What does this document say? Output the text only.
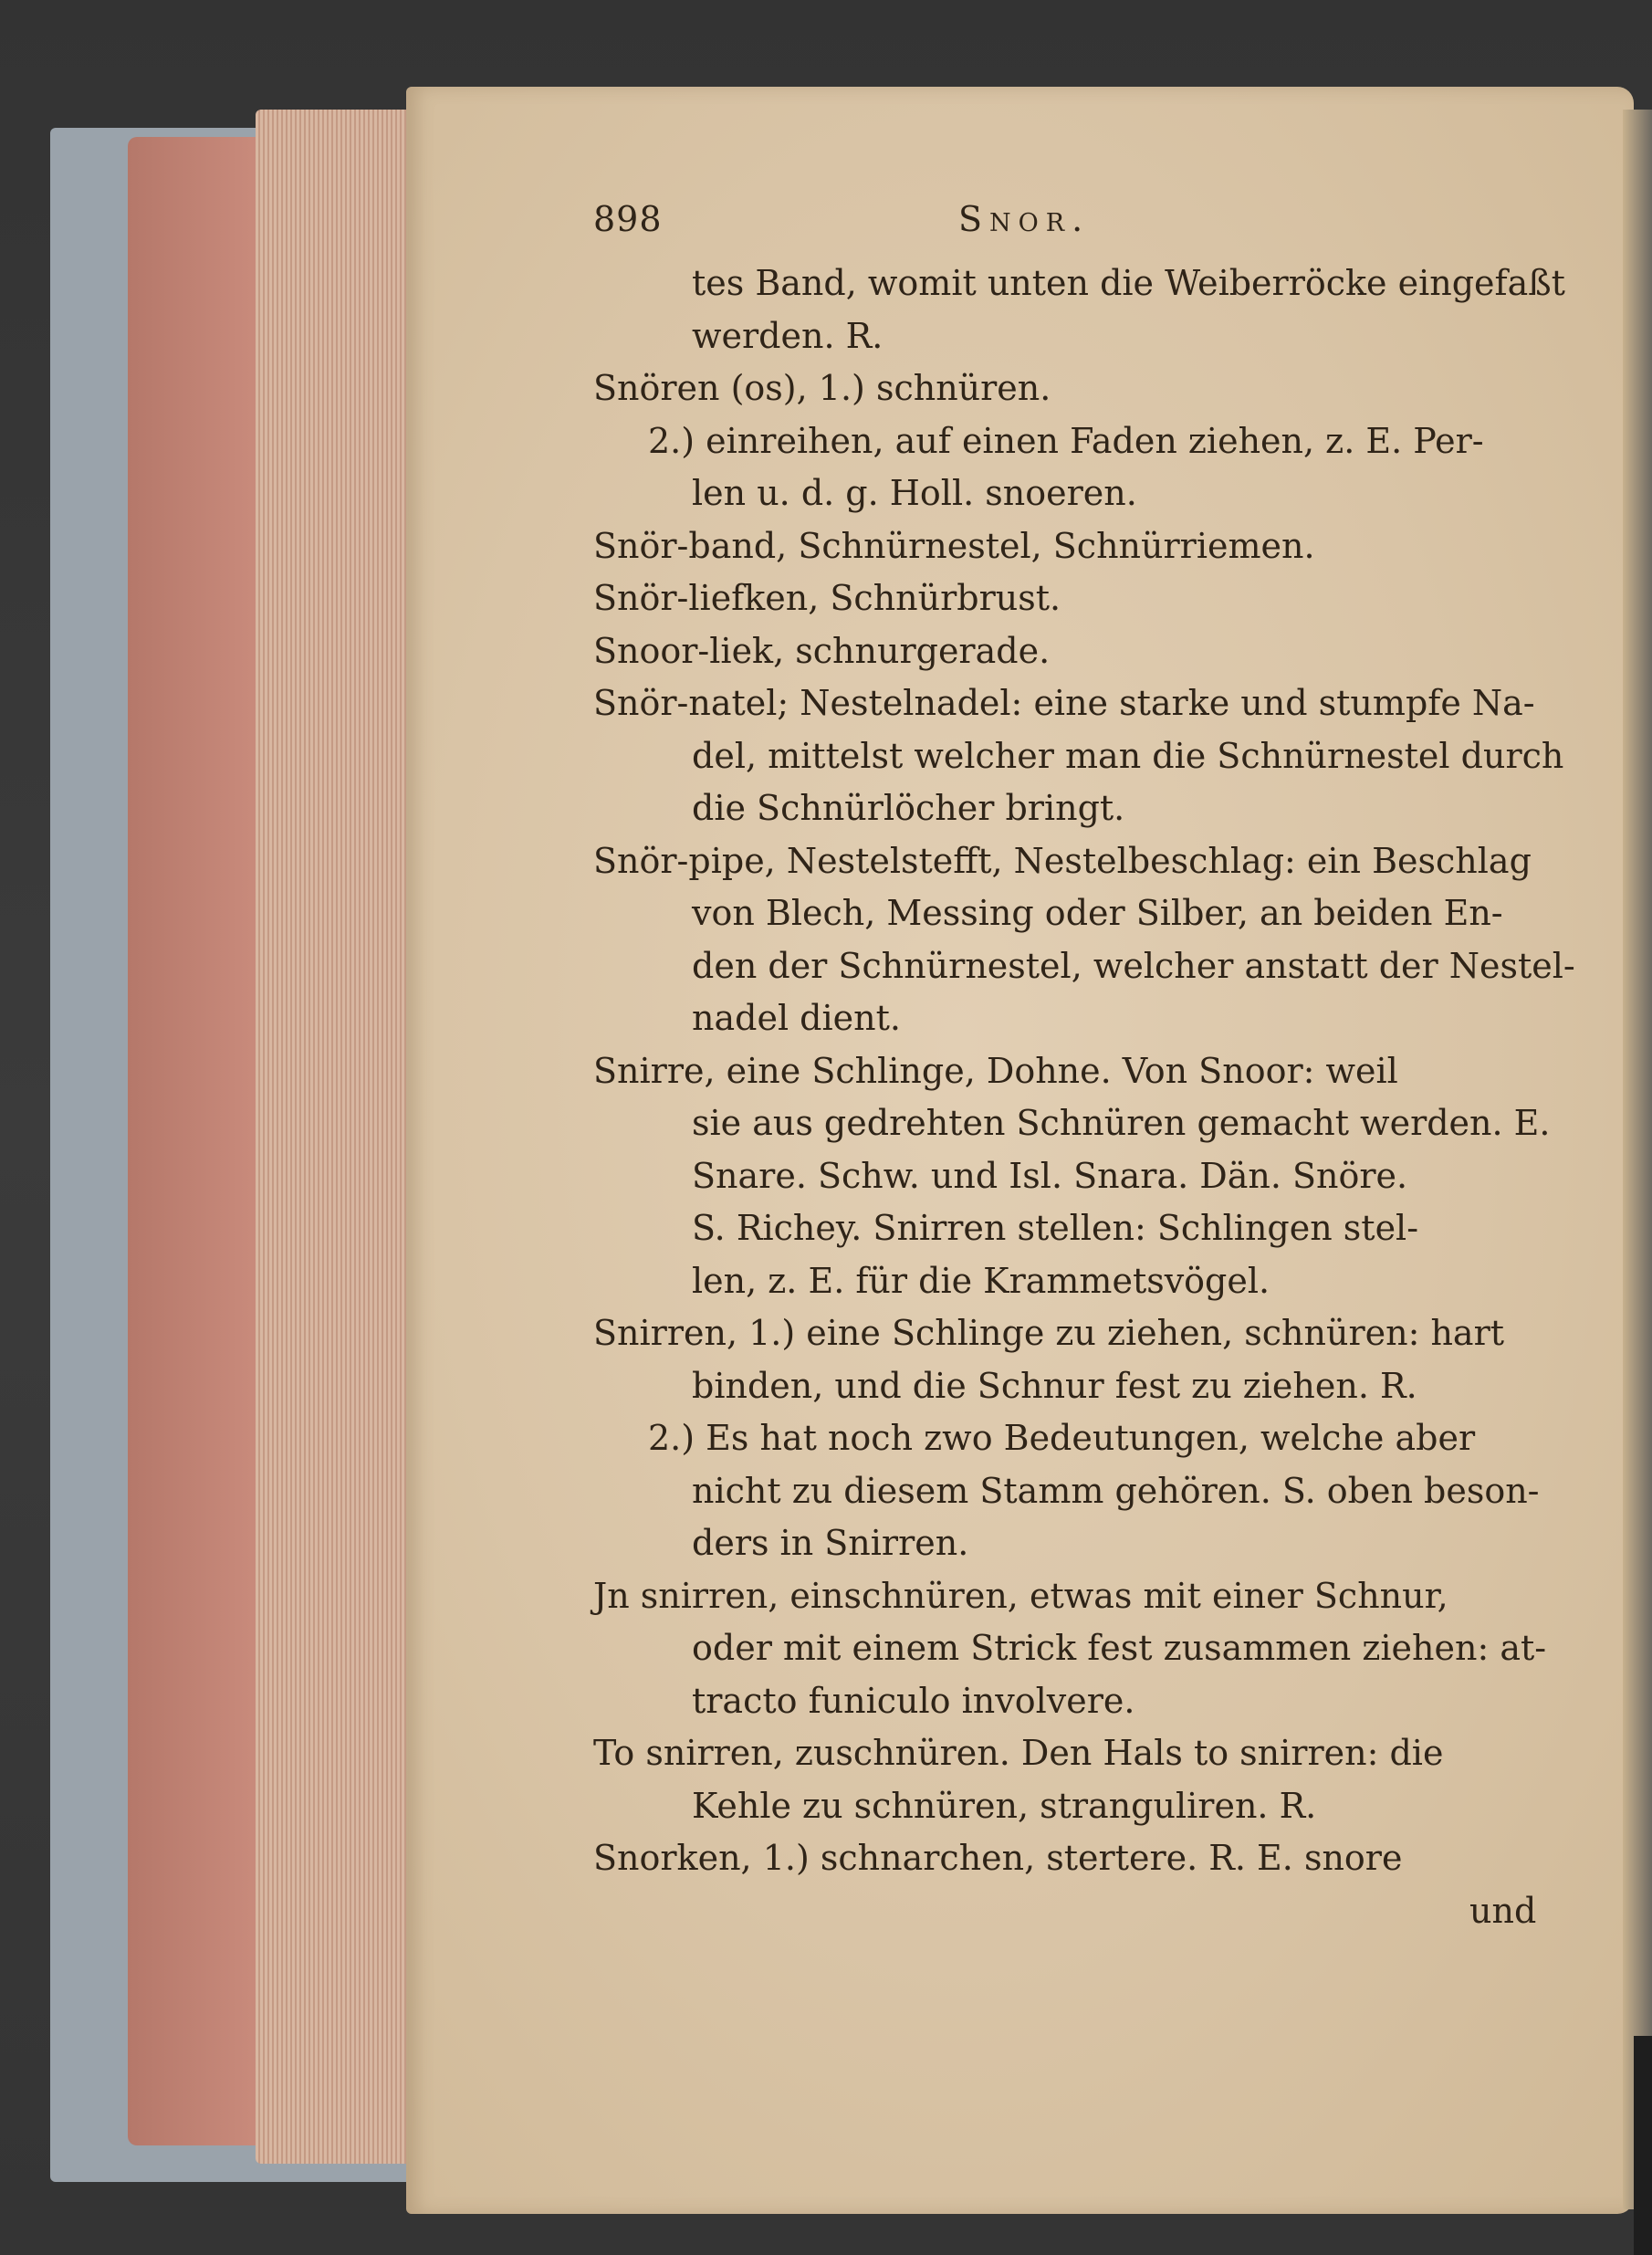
898	Snor.
tes Band, womit unten die Weiberröcke eingefaßt
werden. R.
Snören (os), 1.) schnüren.
2.) einreihen, auf einen Faden ziehen, z. E. Per-
len u. d. g. Holl. snoeren.
Snör-band, Schnürnestel, Schnürriemen.
Snör-liefken, Schnürbrust.
Snoor-liek, schnurgerade.
Snör-natel; Nestelnadel: eine starke und stumpfe Na-
del, mittelst welcher man die Schnürnestel durch
die Schnürlöcher bringt.
Snör-pipe, Nestelstefft, Nestelbeschlag: ein Beschlag
von Blech, Messing oder Silber, an beiden En-
den der Schnürnestel, welcher anstatt der Nestel-
nadel dient.
Snirre, eine Schlinge, Dohne. Von Snoor: weil
sie aus gedrehten Schnüren gemacht werden. E.
Snare. Schw. und Isl. Snara. Dän. Snöre.
S. Richey. Snirren stellen: Schlingen stel-
len, z. E. für die Krammetsvögel.
Snirren, 1.) eine Schlinge zu ziehen, schnüren: hart
binden, und die Schnur fest zu ziehen. R.
2.) Es hat noch zwo Bedeutungen, welche aber
nicht zu diesem Stamm gehören. S. oben beson-
ders in Snirren.
Jn snirren, einschnüren, etwas mit einer Schnur,
oder mit einem Strick fest zusammen ziehen: at-
tracto funiculo involvere.
To snirren, zuschnüren. Den Hals to snirren: die
Kehle zu schnüren, stranguliren. R.
Snorken, 1.) schnarchen, stertere. R. E. snore
und
